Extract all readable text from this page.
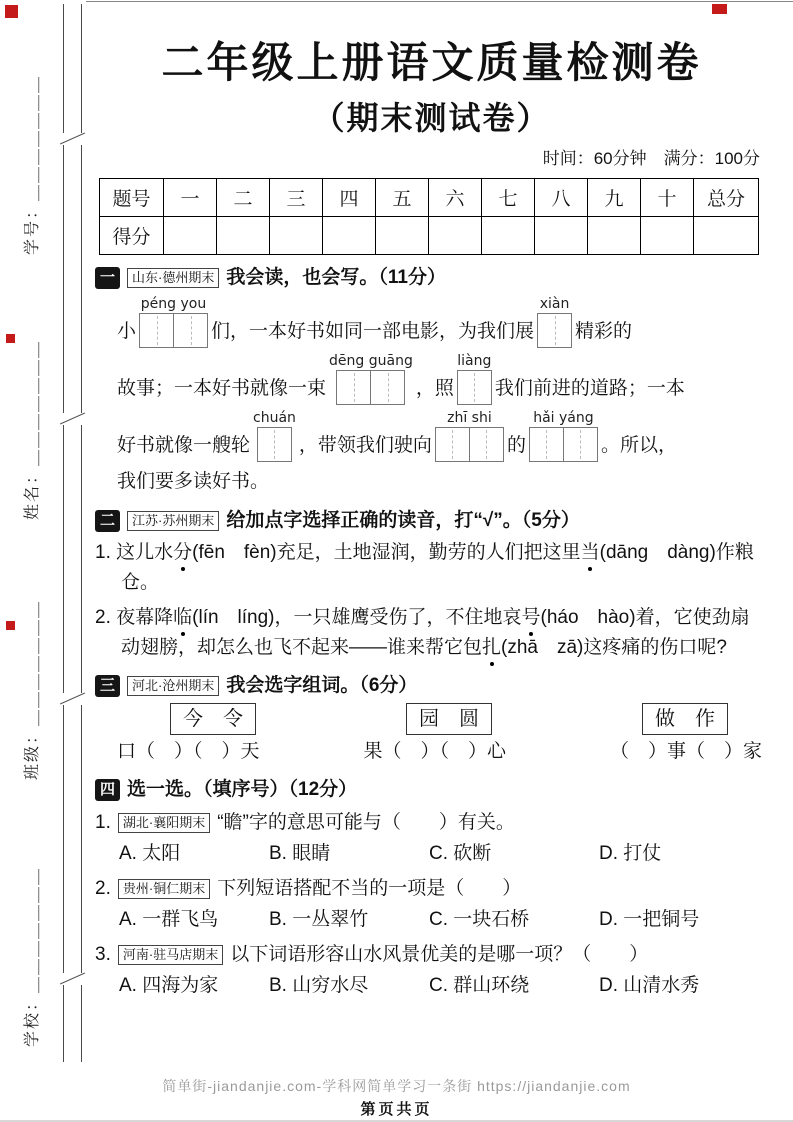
学号：＿＿＿＿＿＿＿
姓名：＿＿＿＿＿＿＿
班级：＿＿＿＿＿＿＿
学校：＿＿＿＿＿＿＿
二年级上册语文质量检测卷
（期末测试卷）
时间：60分钟　满分：100分
题号	一	二	三	四	五	六	七	八	九	十	总分
得分											
一	山东·德州期末 我会读，也会写。（11分）
小
péng you
们，一本好书如同一部电影，为我们展
xiàn
精彩的
故事；一本好书就像一束
dēng guāng
，照
liàng
我们前进的道路；一本
好书就像一艘轮
chuán
，带领我们驶向
zhī shi
的
hǎi yáng
。所以，
我们要多读好书。
二	江苏·苏州期末 给加点字选择正确的读音，打“√”。（5分）

1. 这儿水分(fēn　fèn)充足，土地湿润，勤劳的人们把这里当(dāng　dàng)作粮仓。

2. 夜幕降临(lín　líng)，一只雄鹰受伤了，不住地哀号(háo　hào)着，它使劲扇动翅膀，却怎么也飞不起来——谁来帮它包扎(zhā　zā)这疼痛的伤口呢?

三	河北·沧州期末 我会选字组词。（6分）
今　令	园　圆	做　作
口（　）（　）天	果（　）（　）心	（　）事（　）家
四 选一选。（填序号）（12分）
1. 湖北·襄阳期末 “瞻”字的意思可能与（　　）有关。
A. 太阳	B. 眼睛	C. 砍断	D. 打仗
2. 贵州·铜仁期末 下列短语搭配不当的一项是（　　）
A. 一群飞鸟	B. 一丛翠竹	C. 一块石桥	D. 一把铜号
3. 河南·驻马店期末 以下词语形容山水风景优美的是哪一项？（　　）
A. 四海为家	B. 山穷水尽	C. 群山环绕	D. 山清水秀
简单街-jiandanjie.com-学科网简单学习一条街 https://jiandanjie.com
第页共页
